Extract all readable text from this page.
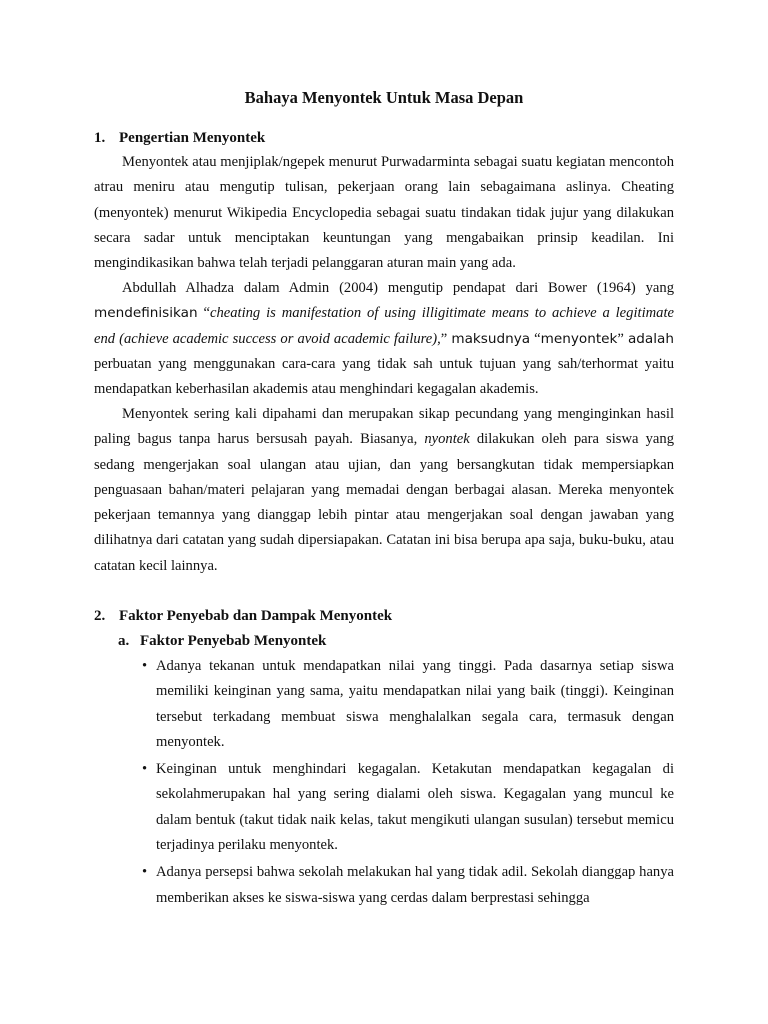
Bahaya Menyontek Untuk Masa Depan
1. Pengertian Menyontek

Menyontek atau menjiplak/ngepek menurut Purwadarminta sebagai suatu kegiatan mencontoh atrau meniru atau mengutip tulisan, pekerjaan orang lain sebagaimana aslinya. Cheating (menyontek) menurut Wikipedia Encyclopedia sebagai suatu tindakan tidak jujur yang dilakukan secara sadar untuk menciptakan keuntungan yang mengabaikan prinsip keadilan. Ini mengindikasikan bahwa telah terjadi pelanggaran aturan main yang ada.

Abdullah Alhadza dalam Admin (2004) mengutip pendapat dari Bower (1964) yang mendefinisikan “cheating is manifestation of using illigitimate means to achieve a legitimate end (achieve academic success or avoid academic failure),” maksudnya “menyontek” adalah perbuatan yang menggunakan cara-cara yang tidak sah untuk tujuan yang sah/terhormat yaitu mendapatkan keberhasilan akademis atau menghindari kegagalan akademis.

Menyontek sering kali dipahami dan merupakan sikap pecundang yang menginginkan hasil paling bagus tanpa harus bersusah payah. Biasanya, nyontek dilakukan oleh para siswa yang sedang mengerjakan soal ulangan atau ujian, dan yang bersangkutan tidak mempersiapkan penguasaan bahan/materi pelajaran yang memadai dengan berbagai alasan. Mereka menyontek pekerjaan temannya yang dianggap lebih pintar atau mengerjakan soal dengan jawaban yang dilihatnya dari catatan yang sudah dipersiapakan. Catatan ini bisa berupa apa saja, buku-buku, atau catatan kecil lainnya.

2. Faktor Penyebab dan Dampak Menyontek
a. Faktor Penyebab Menyontek
• Adanya tekanan untuk mendapatkan nilai yang tinggi. Pada dasarnya setiap siswa memiliki keinginan yang sama, yaitu mendapatkan nilai yang baik (tinggi). Keinginan tersebut terkadang membuat siswa menghalalkan segala cara, termasuk dengan menyontek.
• Keinginan untuk menghindari kegagalan. Ketakutan mendapatkan kegagalan di sekolahmerupakan hal yang sering dialami oleh siswa. Kegagalan yang muncul ke dalam bentuk (takut tidak naik kelas, takut mengikuti ulangan susulan) tersebut memicu terjadinya perilaku menyontek.
• Adanya persepsi bahwa sekolah melakukan hal yang tidak adil. Sekolah dianggap hanya memberikan akses ke siswa-siswa yang cerdas dalam berprestasi sehingga
